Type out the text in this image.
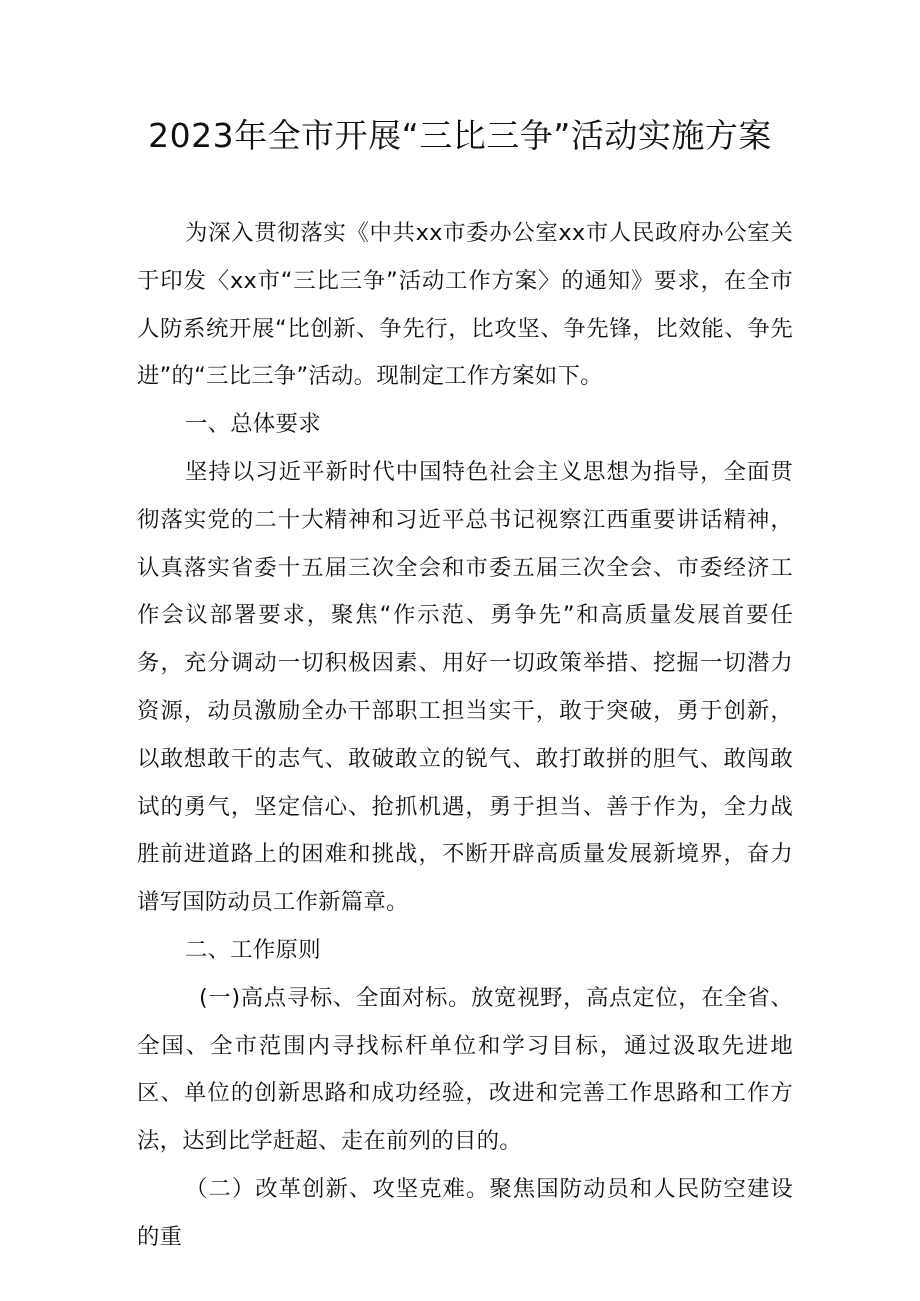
2023年全市开展“三比三争”活动实施方案

为深入贯彻落实《中共xx市委办公室xx市人民政府办公室关于印发〈xx市“三比三争”活动工作方案〉的通知》要求，在全市人防系统开展“比创新、争先行，比攻坚、争先锋，比效能、争先进”的“三比三争”活动。现制定工作方案如下。

一、总体要求

坚持以习近平新时代中国特色社会主义思想为指导，全面贯彻落实党的二十大精神和习近平总书记视察江西重要讲话精神，认真落实省委十五届三次全会和市委五届三次全会、市委经济工作会议部署要求，聚焦“作示范、勇争先”和高质量发展首要任务，充分调动一切积极因素、用好一切政策举措、挖掘一切潜力资源，动员激励全办干部职工担当实干，敢于突破，勇于创新，以敢想敢干的志气、敢破敢立的锐气、敢打敢拼的胆气、敢闯敢试的勇气，坚定信心、抢抓机遇，勇于担当、善于作为，全力战胜前进道路上的困难和挑战，不断开辟高质量发展新境界，奋力谱写国防动员工作新篇章。

二、工作原则

(一)高点寻标、全面对标。放宽视野，高点定位，在全省、全国、全市范围内寻找标杆单位和学习目标，通过汲取先进地区、单位的创新思路和成功经验，改进和完善工作思路和工作方法，达到比学赶超、走在前列的目的。

（二）改革创新、攻坚克难。聚焦国防动员和人民防空建设的重
